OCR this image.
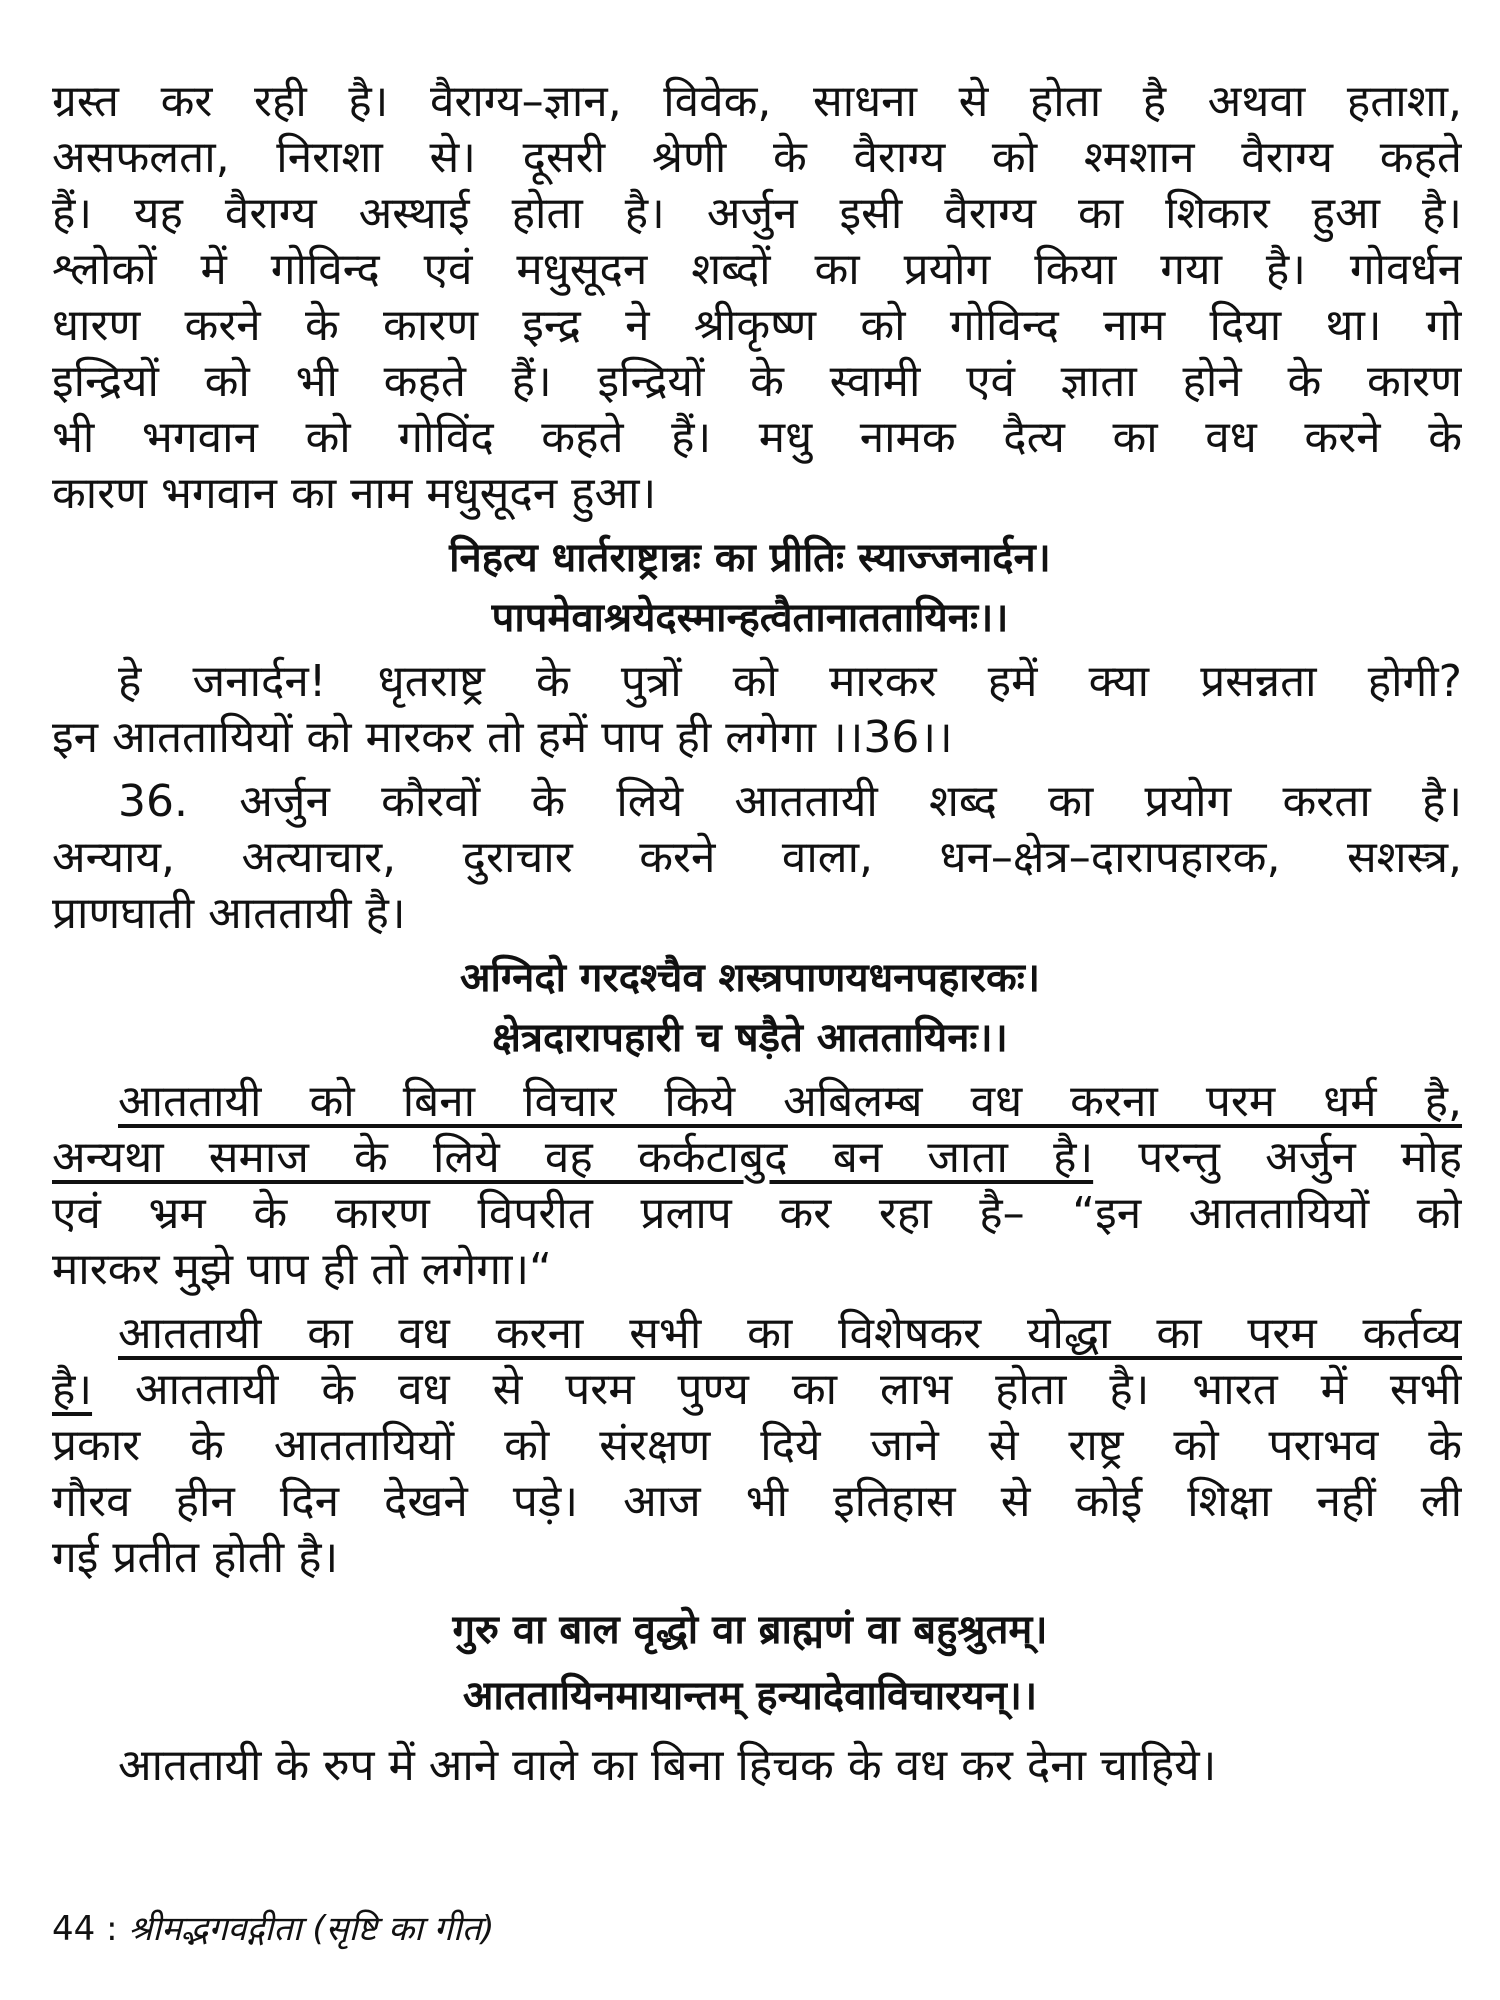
ग्रस्त कर रही है। वैराग्य–ज्ञान, विवेक, साधना से होता है अथवा हताशा,
असफलता, निराशा से। दूसरी श्रेणी के वैराग्य को श्मशान वैराग्य कहते
हैं। यह वैराग्य अस्थाई होता है। अर्जुन इसी वैराग्य का शिकार हुआ है।
श्लोकों में गोविन्द एवं मधुसूदन शब्दों का प्रयोग किया गया है। गोवर्धन
धारण करने के कारण इन्द्र ने श्रीकृष्ण को गोविन्द नाम दिया था। गो
इन्द्रियों को भी कहते हैं। इन्द्रियों के स्वामी एवं ज्ञाता होने के कारण
भी भगवान को गोविंद कहते हैं। मधु नामक दैत्य का वध करने के
कारण भगवान का नाम मधुसूदन हुआ।
निहत्य धार्तराष्ट्रान्नः का प्रीतिः स्याज्जनार्दन।
पापमेवाश्रयेदस्मान्हत्वैतानाततायिनः।।
हे जनार्दन! धृतराष्ट्र के पुत्रों को मारकर हमें क्या प्रसन्नता होगी?
इन आततायियों को मारकर तो हमें पाप ही लगेगा ।।36।।
36. अर्जुन कौरवों के लिये आततायी शब्द का प्रयोग करता है।
अन्याय, अत्याचार, दुराचार करने वाला, धन–क्षेत्र–दारापहारक, सशस्त्र,
प्राणघाती आततायी है।
अग्निदो गरदश्चैव शस्त्रपाणयधनपहारकः।
क्षेत्रदारापहारी च षड़ैते आततायिनः।।
आततायी को बिना विचार किये अबिलम्ब वध करना परम धर्म है,
अन्यथा समाज के लिये वह कर्कटाबुद बन जाता है। परन्तु अर्जुन मोह
एवं भ्रम के कारण विपरीत प्रलाप कर रहा है– “इन आततायियों को
मारकर मुझे पाप ही तो लगेगा।“
आततायी का वध करना सभी का विशेषकर योद्धा का परम कर्तव्य
है। आततायी के वध से परम पुण्य का लाभ होता है। भारत में सभी
प्रकार के आततायियों को संरक्षण दिये जाने से राष्ट्र को पराभव के
गौरव हीन दिन देखने पड़े। आज भी इतिहास से कोई शिक्षा नहीं ली
गई प्रतीत होती है।
गुरु वा बाल वृद्धो वा ब्राह्मणं वा बहुश्रुतम्।
आततायिनमायान्तम् हन्यादेवाविचारयन्।।
आततायी के रुप में आने वाले का बिना हिचक के वध कर देना चाहिये।
44 : श्रीमद्भगवद्गीता (सृष्टि का गीत)
